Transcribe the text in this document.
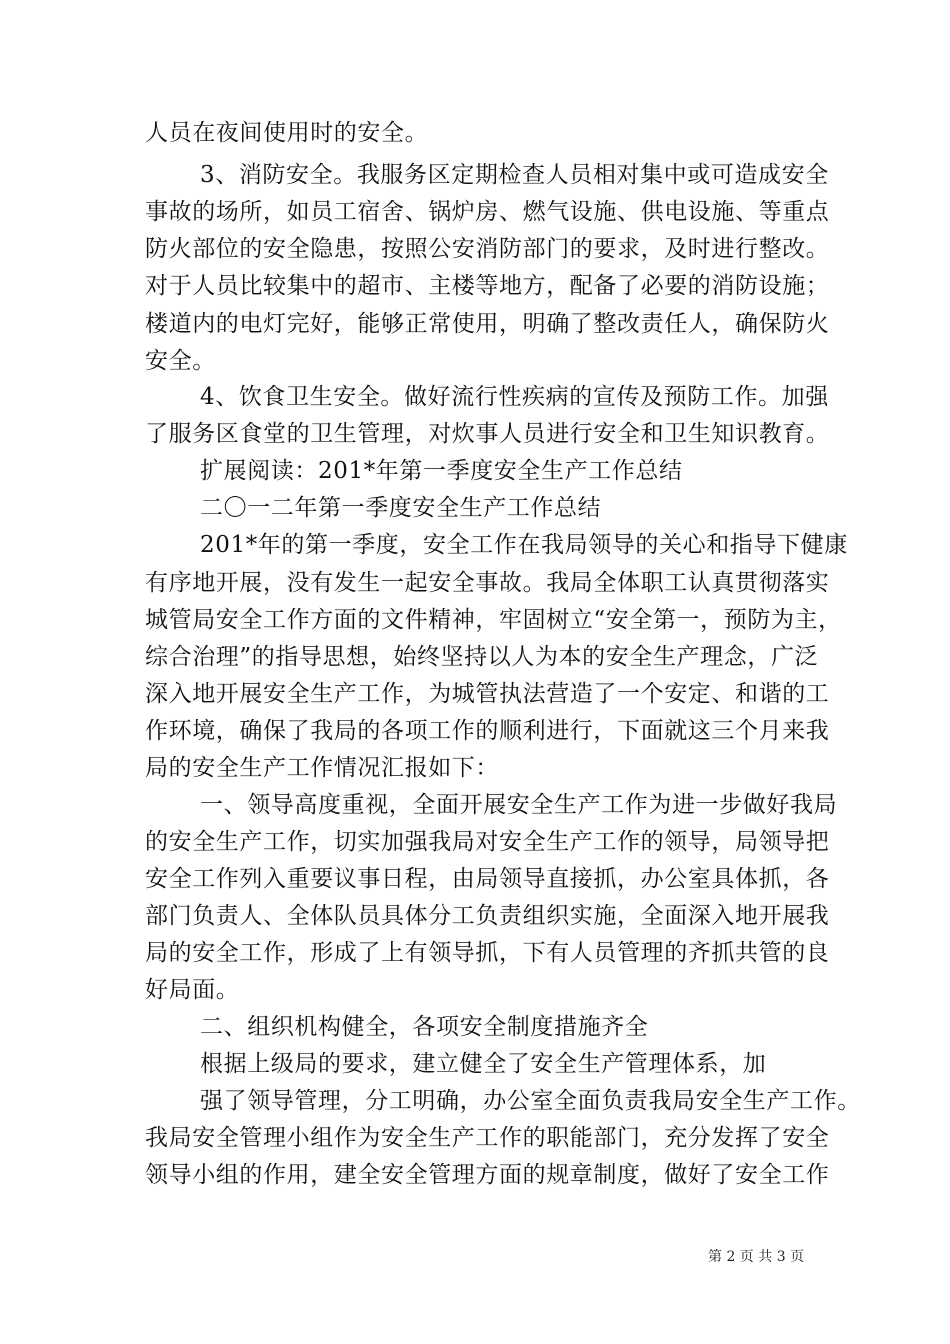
人员在夜间使用时的安全。
3、消防安全。我服务区定期检查人员相对集中或可造成安全
事故的场所，如员工宿舍、锅炉房、燃气设施、供电设施、等重点
防火部位的安全隐患，按照公安消防部门的要求，及时进行整改。
对于人员比较集中的超市、主楼等地方，配备了必要的消防设施；
楼道内的电灯完好，能够正常使用，明确了整改责任人，确保防火
安全。
4、饮食卫生安全。做好流行性疾病的宣传及预防工作。加强
了服务区食堂的卫生管理，对炊事人员进行安全和卫生知识教育。
扩展阅读：201*年第一季度安全生产工作总结
二〇一二年第一季度安全生产工作总结
201*年的第一季度，安全工作在我局领导的关心和指导下健康
有序地开展，没有发生一起安全事故。我局全体职工认真贯彻落实
城管局安全工作方面的文件精神，牢固树立“安全第一，预防为主，
综合治理”的指导思想，始终坚持以人为本的安全生产理念，广泛
深入地开展安全生产工作，为城管执法营造了一个安定、和谐的工
作环境，确保了我局的各项工作的顺利进行，下面就这三个月来我
局的安全生产工作情况汇报如下：
一、领导高度重视，全面开展安全生产工作为进一步做好我局
的安全生产工作，切实加强我局对安全生产工作的领导，局领导把
安全工作列入重要议事日程，由局领导直接抓，办公室具体抓，各
部门负责人、全体队员具体分工负责组织实施，全面深入地开展我
局的安全工作，形成了上有领导抓，下有人员管理的齐抓共管的良
好局面。
二、组织机构健全，各项安全制度措施齐全
根据上级局的要求，建立健全了安全生产管理体系，加
强了领导管理，分工明确，办公室全面负责我局安全生产工作。
我局安全管理小组作为安全生产工作的职能部门，充分发挥了安全
领导小组的作用，建全安全管理方面的规章制度，做好了安全工作
第 2 页 共 3 页
